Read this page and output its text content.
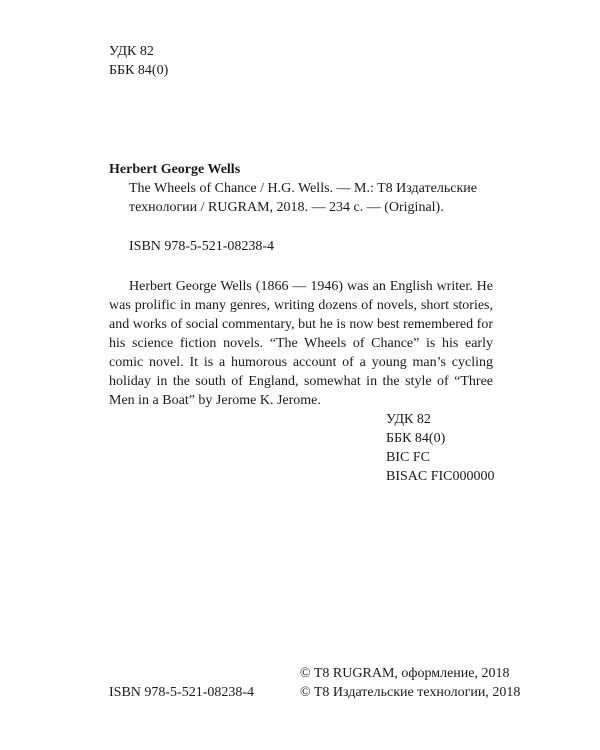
УДК 82
ББК 84(0)
Herbert George Wells
The Wheels of Chance / H.G. Wells. — M.: T8 Издательские технологии / RUGRAM, 2018. — 234 с. — (Original).
ISBN 978-5-521-08238-4

Herbert George Wells (1866 — 1946) was an English writer. He was prolific in many genres, writing dozens of novels, short stories, and works of social commentary, but he is now best remembered for his science fiction novels. “The Wheels of Chance” is his early comic novel. It is a humorous account of a young man’s cycling holiday in the south of England, somewhat in the style of “Three Men in a Boat” by Jerome K. Jerome.

УДК 82
ББК 84(0)
BIC FC
BISAC FIC000000
ISBN 978-5-521-08238-4
© T8 RUGRAM, оформление, 2018
© T8 Издательские технологии, 2018
